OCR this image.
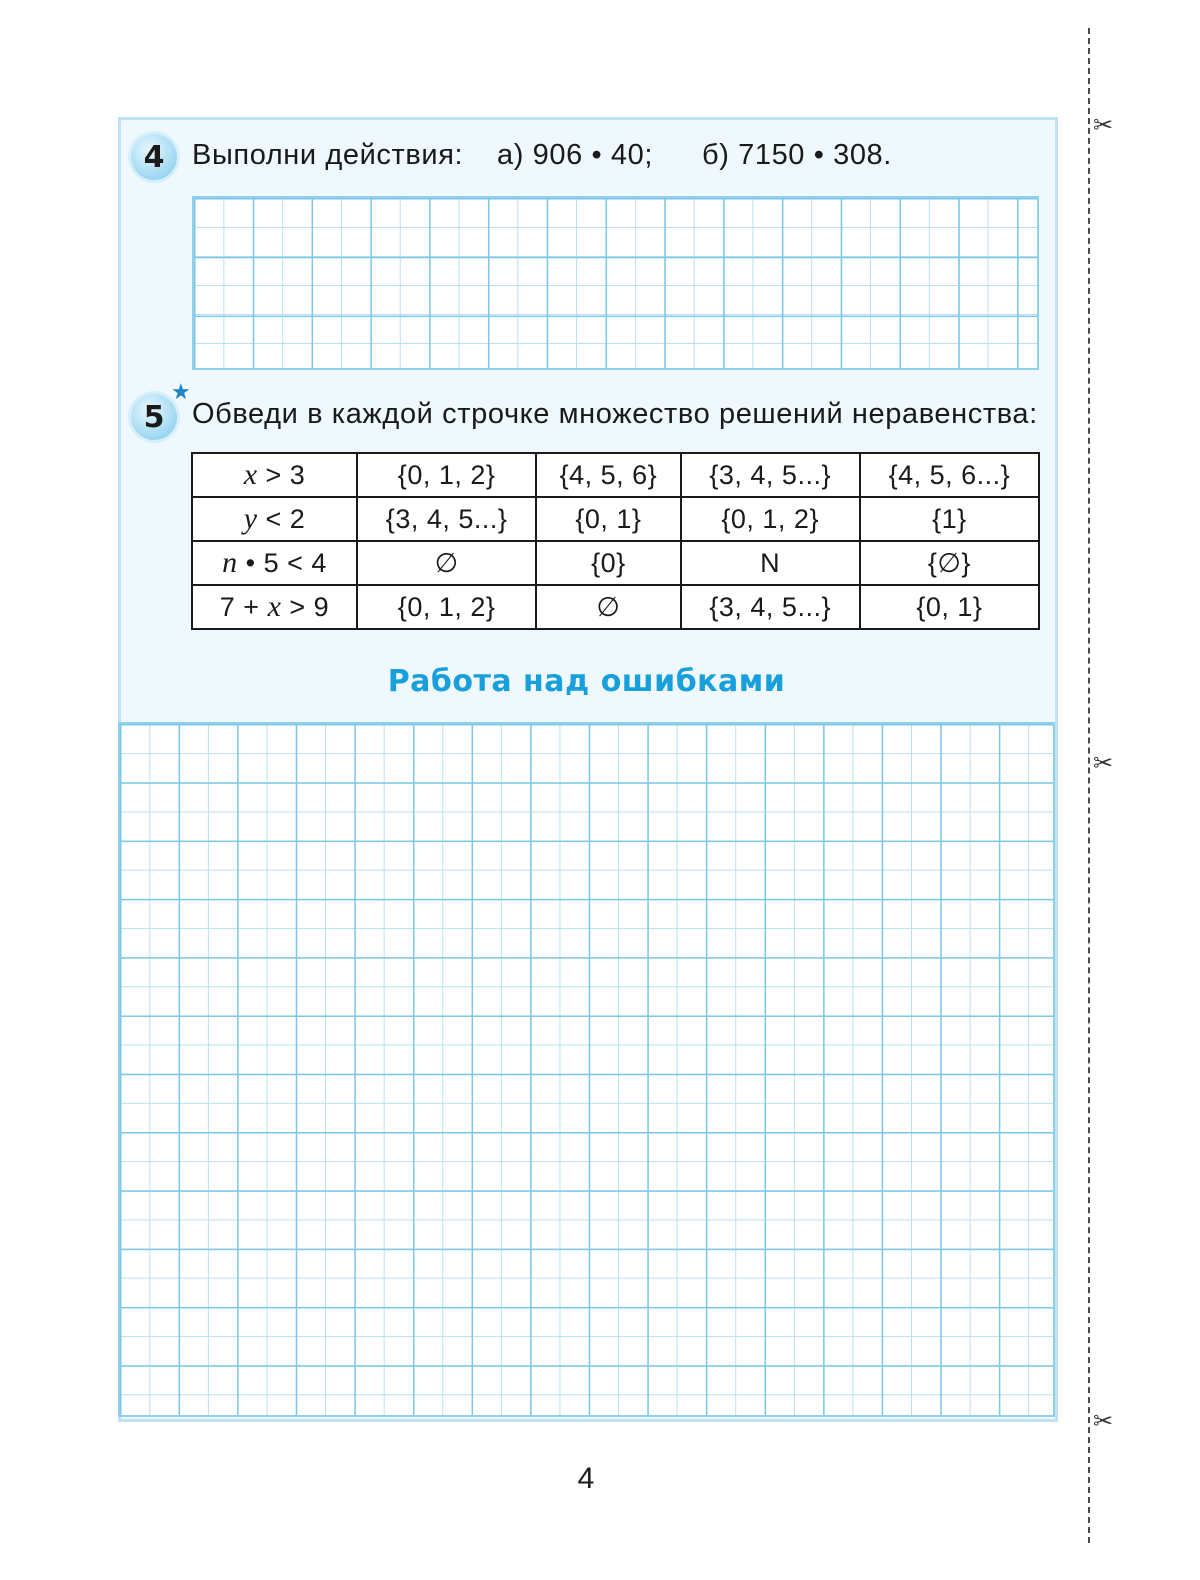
✂
✂
✂
4 Выполни действия: а) 906 • 40; б) 7150 • 308.
5
★
Обведи в каждой строчке множество решений неравенства:
x > 3	{0, 1, 2}	{4, 5, 6}	{3, 4, 5...}	{4, 5, 6...}
y < 2	{3, 4, 5...}	{0, 1}	{0, 1, 2}	{1}
n • 5 < 4	∅	{0}	N	{∅}
7 + x > 9	{0, 1, 2}	∅	{3, 4, 5...}	{0, 1}
Работа над ошибками
4
